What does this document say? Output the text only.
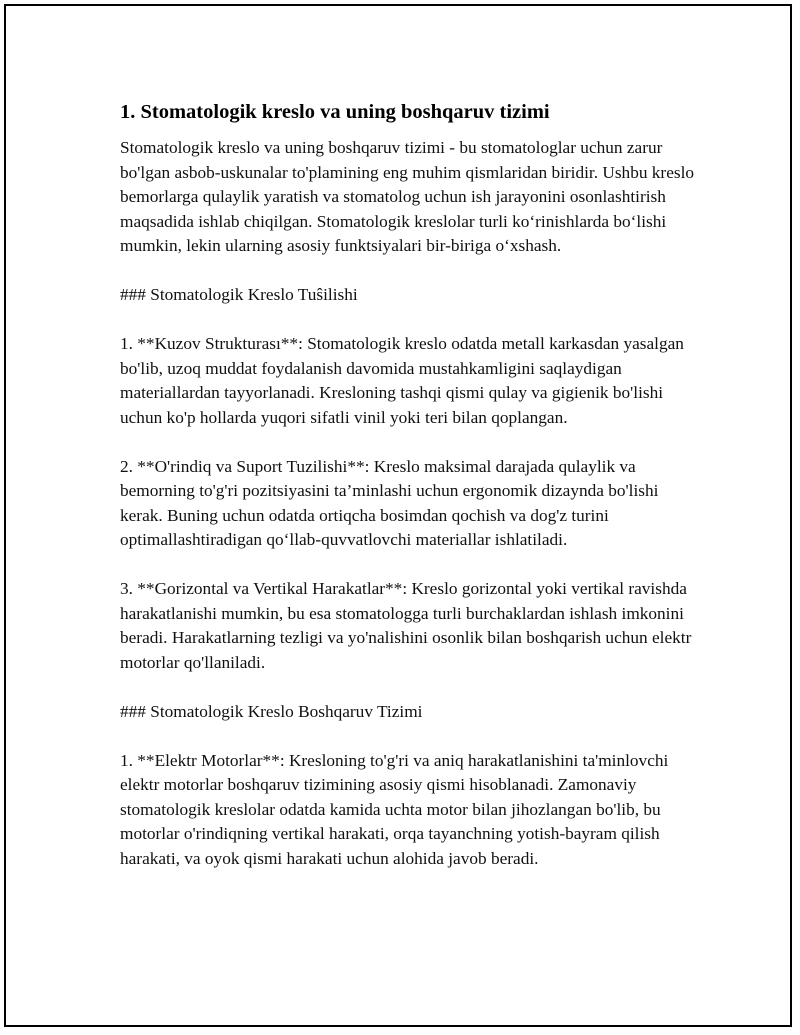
1. Stomatologik kreslo va uning boshqaruv tizimi

Stomatologik kreslo va uning boshqaruv tizimi - bu stomatologlar uchun zarur bo'lgan asbob-uskunalar to'plamining eng muhim qismlaridan biridir. Ushbu kreslo bemorlarga qulaylik yaratish va stomatolog uchun ish jarayonini osonlashtirish maqsadida ishlab chiqilgan. Stomatologik kreslolar turli koʻrinishlarda boʻlishi mumkin, lekin ularning asosiy funktsiyalari bir-biriga oʻxshash.

### Stomatologik Kreslo Tuŝilishi

1. **Kuzov Strukturası**: Stomatologik kreslo odatda metall karkasdan yasalgan bo'lib, uzoq muddat foydalanish davomida mustahkamligini saqlaydigan materiallardan tayyorlanadi. Kresloning tashqi qismi qulay va gigienik bo'lishi uchun ko'p hollarda yuqori sifatli vinil yoki teri bilan qoplangan.

2. **O'rindiq va Suport Tuzilishi**: Kreslo maksimal darajada qulaylik va bemorning to'g'ri pozitsiyasini ta’minlashi uchun ergonomik dizaynda bo'lishi kerak. Buning uchun odatda ortiqcha bosimdan qochish va dog'z turini optimallashtiradigan qoʻllab-quvvatlovchi materiallar ishlatiladi.

3. **Gorizontal va Vertikal Harakatlar**: Kreslo gorizontal yoki vertikal ravishda harakatlanishi mumkin, bu esa stomatologga turli burchaklardan ishlash imkonini beradi. Harakatlarning tezligi va yo'nalishini osonlik bilan boshqarish uchun elektr motorlar qo'llaniladi.

### Stomatologik Kreslo Boshqaruv Tizimi

1. **Elektr Motorlar**: Kresloning to'g'ri va aniq harakatlanishini ta'minlovchi elektr motorlar boshqaruv tizimining asosiy qismi hisoblanadi. Zamonaviy stomatologik kreslolar odatda kamida uchta motor bilan jihozlangan bo'lib, bu motorlar o'rindiqning vertikal harakati, orqa tayanchning yotish-bayram qilish harakati, va oyok qismi harakati uchun alohida javob beradi.
